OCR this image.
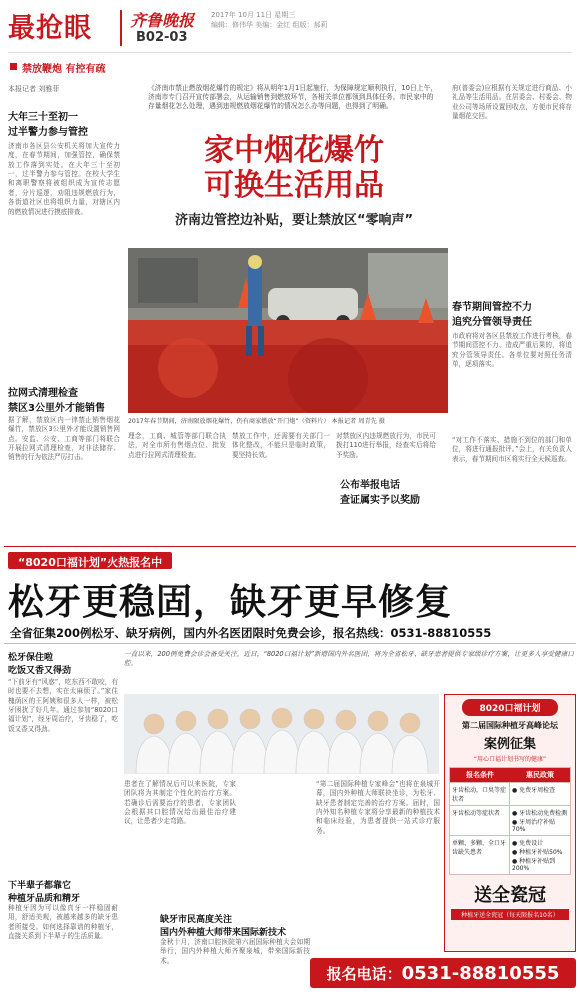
最抢眼 齐鲁晚报 2017年 10月 11日 星期三
编辑：修伟华 美编：金红 组版：郝莉
B02-03
禁放鞭炮 有控有疏
《济南市禁止燃放烟花爆竹的规定》将从明年1月1日起施行，为保障规定顺利执行，10日上午，济南市专门召开宣传部署会，从运输销售到燃放环节，各相关单位都领到具体任务。市民家中的存量烟花怎么处理，遇到违规燃放烟花爆竹的情况怎么办等问题，也得到了明确。
家中烟花爆竹
可换生活用品
济南边管控边补贴，要让禁放区“零响声”
2017年春节期间，济南限放烟花爆竹，仍有商家燃放“开门炮”（资料片） 本报记者 周青先 摄
本报记者 刘雅菲
大年三十至初一
过半警力参与管控
济南市各区县公安机关将加大宣传力度，在春节期间，加强管控，确保禁放工作落到实处。在大年三十至初一，过半警力参与管控。在校大学生和离职警察将被组织成为宣传志愿者，分片巡逻，劝阻违规燃放行为，各街道社区也将组织力量，对辖区内的燃放情况进行摸底排查。
拉网式清理检查
禁区3公里外才能销售
据了解，禁放区内一律禁止销售烟花爆竹，禁放区3公里外才能设置销售网点。安监、公安、工商等部门将联合开展拉网式清理检查，对非法储存、销售的行为依法严厉打击。
理念，工商、城管等部门联合执法，对全市所有售烟点位、批发点进行拉网式清理检查。
禁放工作中，还需要有关部门一体化整改，不能只是临时政策，要坚持长效。
对禁放区内违规燃放行为，市民可拨打110进行举报，经查实后将给予奖励。
公布举报电话
查证属实予以奖励
府(普委会)应根据有关规定进行商品、小礼品等生活用品。在居委会、村委会、物业公司等场所设置回收点，方便市民将存量烟花交回。
春节期间管控不力
追究分管领导责任
市政府将对各区县禁放工作进行考核，春节期间管控不力、造成严重后果的，将追究分管领导责任。各单位要对照任务清单，逐项落实。
“对工作不落实、措施不到位的部门和单位，将进行通报批评。”会上，有关负责人表示，春节期间市区将实行全天候巡查。
“8020口福计划”火热报名中
松牙更稳固，缺牙更早修复
全省征集200例松牙、缺牙病例，国内外名医团限时免费会诊，报名热线：0531-88810555
松牙保住啦
吃饭又香又得劲
“下前牙有“风惑”，吃东西不敢咬，有时也要不去想，实在太麻烦了。”家住槐荫区的王阿姨和很多人一样，被松牙困扰了好几年。通过参加“8020口福计划”，经牙周治疗，牙齿稳了，吃饭又香又得劲。
下半辈子都靠它
种植牙品质和精牙
种植牙因为可以像真牙一样稳固耐用，舒适美观，被越来越多的缺牙患者所接受。如何选择靠谱的种植牙，直接关系到下半辈子的生活质量。
一直以来，200例免费会诊会备受关注。近日，“8020口福计划”新增国内外名医团，将为全省松牙、缺牙患者提供专家级诊疗方案，让更多人享受健康口腔。
患者在了解情况后可以来医院，专家团队将为其制定个性化的治疗方案。若确诊后需要治疗的患者，专家团队会根据其口腔情况给出最佳治疗建议，让患者少走弯路。
缺牙市民高度关注
国内外种植大师带来国际新技术
金秋十月，济南口腔医院第六届国际种植大会如期举行，国内外种植大师齐聚泉城，带来国际新技术。
“第二届国际种植专家峰会”也将在泉城开幕，国内外种植大师联袂坐诊，为松牙、缺牙患者制定完善的治疗方案。届时，国内外知名种植专家将分享最新的种植技术和临床经验，为患者提供一站式诊疗服务。
8020口福计划
第二届国际种植牙高峰论坛
案例征集
“用心口福计划书写的健康”
报名条件	惠民政策
牙齿松动，口臭等症状者
● 免费牙周检查
牙齿松动等症状者	● 牙齿松动免费检测
● 牙周治疗补贴70%
单颗、多颗、全口牙齿缺失患者
● 免费设计
● 种植牙补贴50%
● 种植牙补贴到200%
送全瓷冠
种植牙送全瓷冠（每天限报名10名）
报名电话： 0531-88810555
